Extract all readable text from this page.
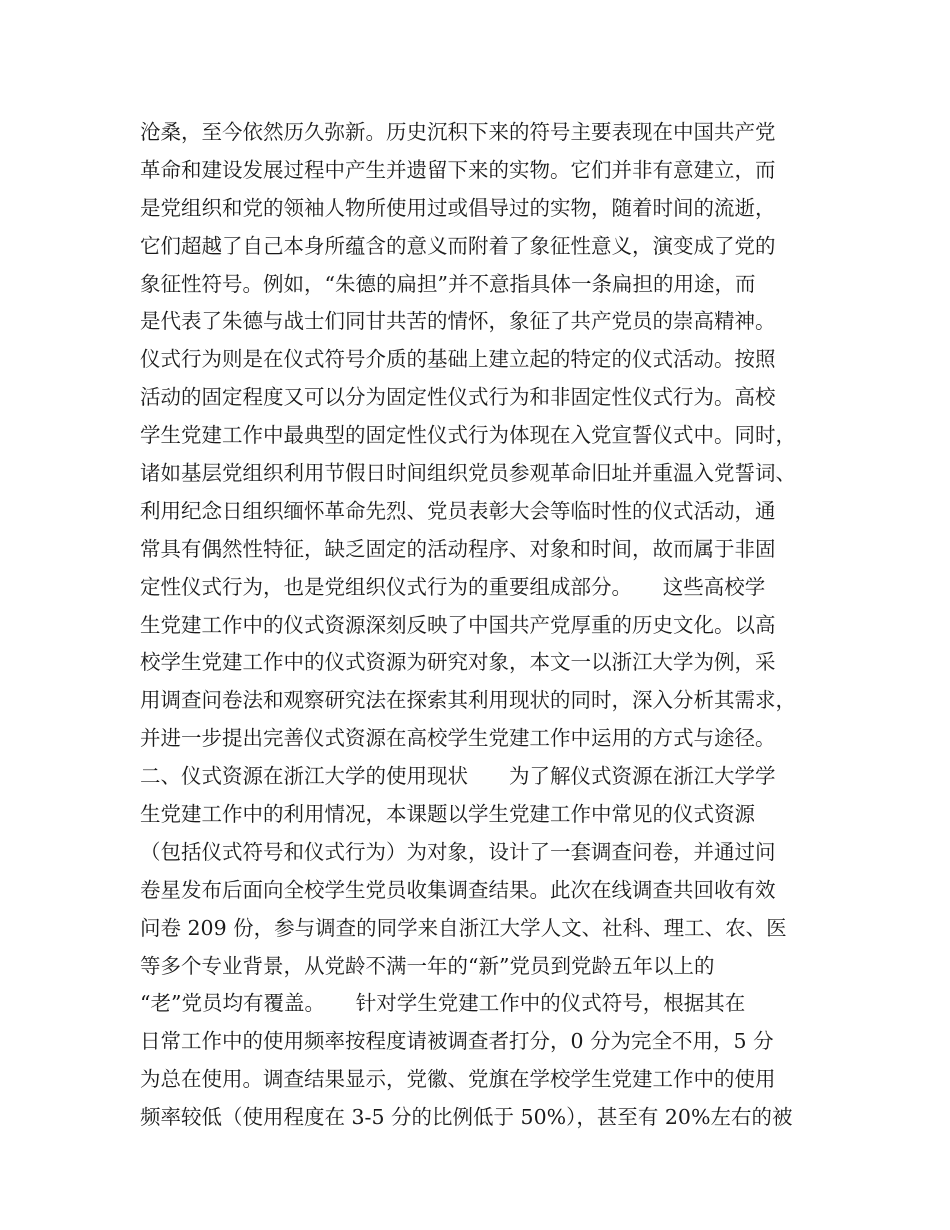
沧桑，至今依然历久弥新。历史沉积下来的符号主要表现在中国共产党
革命和建设发展过程中产生并遗留下来的实物。它们并非有意建立，而
是党组织和党的领袖人物所使用过或倡导过的实物，随着时间的流逝，
它们超越了自己本身所蕴含的意义而附着了象征性意义，演变成了党的
象征性符号。例如，“朱德的扁担”并不意指具体一条扁担的用途，而
是代表了朱德与战士们同甘共苦的情怀，象征了共产党员的崇高精神。
仪式行为则是在仪式符号介质的基础上建立起的特定的仪式活动。按照
活动的固定程度又可以分为固定性仪式行为和非固定性仪式行为。高校
学生党建工作中最典型的固定性仪式行为体现在入党宣誓仪式中。同时，
诸如基层党组织利用节假日时间组织党员参观革命旧址并重温入党誓词、
利用纪念日组织缅怀革命先烈、党员表彰大会等临时性的仪式活动，通
常具有偶然性特征，缺乏固定的活动程序、对象和时间，故而属于非固
定性仪式行为，也是党组织仪式行为的重要组成部分。　　这些高校学
生党建工作中的仪式资源深刻反映了中国共产党厚重的历史文化。以高
校学生党建工作中的仪式资源为研究对象，本文一以浙江大学为例，采
用调查问卷法和观察研究法在探索其利用现状的同时，深入分析其需求，
并进一步提出完善仪式资源在高校学生党建工作中运用的方式与途径。
二、仪式资源在浙江大学的使用现状　　为了解仪式资源在浙江大学学
生党建工作中的利用情况，本课题以学生党建工作中常见的仪式资源
（包括仪式符号和仪式行为）为对象，设计了一套调查问卷，并通过问
卷星发布后面向全校学生党员收集调查结果。此次在线调查共回收有效
问卷 209 份，参与调查的同学来自浙江大学人文、社科、理工、农、医
等多个专业背景，从党龄不满一年的“新”党员到党龄五年以上的
“老”党员均有覆盖。　　针对学生党建工作中的仪式符号，根据其在
日常工作中的使用频率按程度请被调查者打分，0 分为完全不用，5 分
为总在使用。调查结果显示，党徽、党旗在学校学生党建工作中的使用
频率较低（使用程度在 3-5 分的比例低于 50%），甚至有 20%左右的被
